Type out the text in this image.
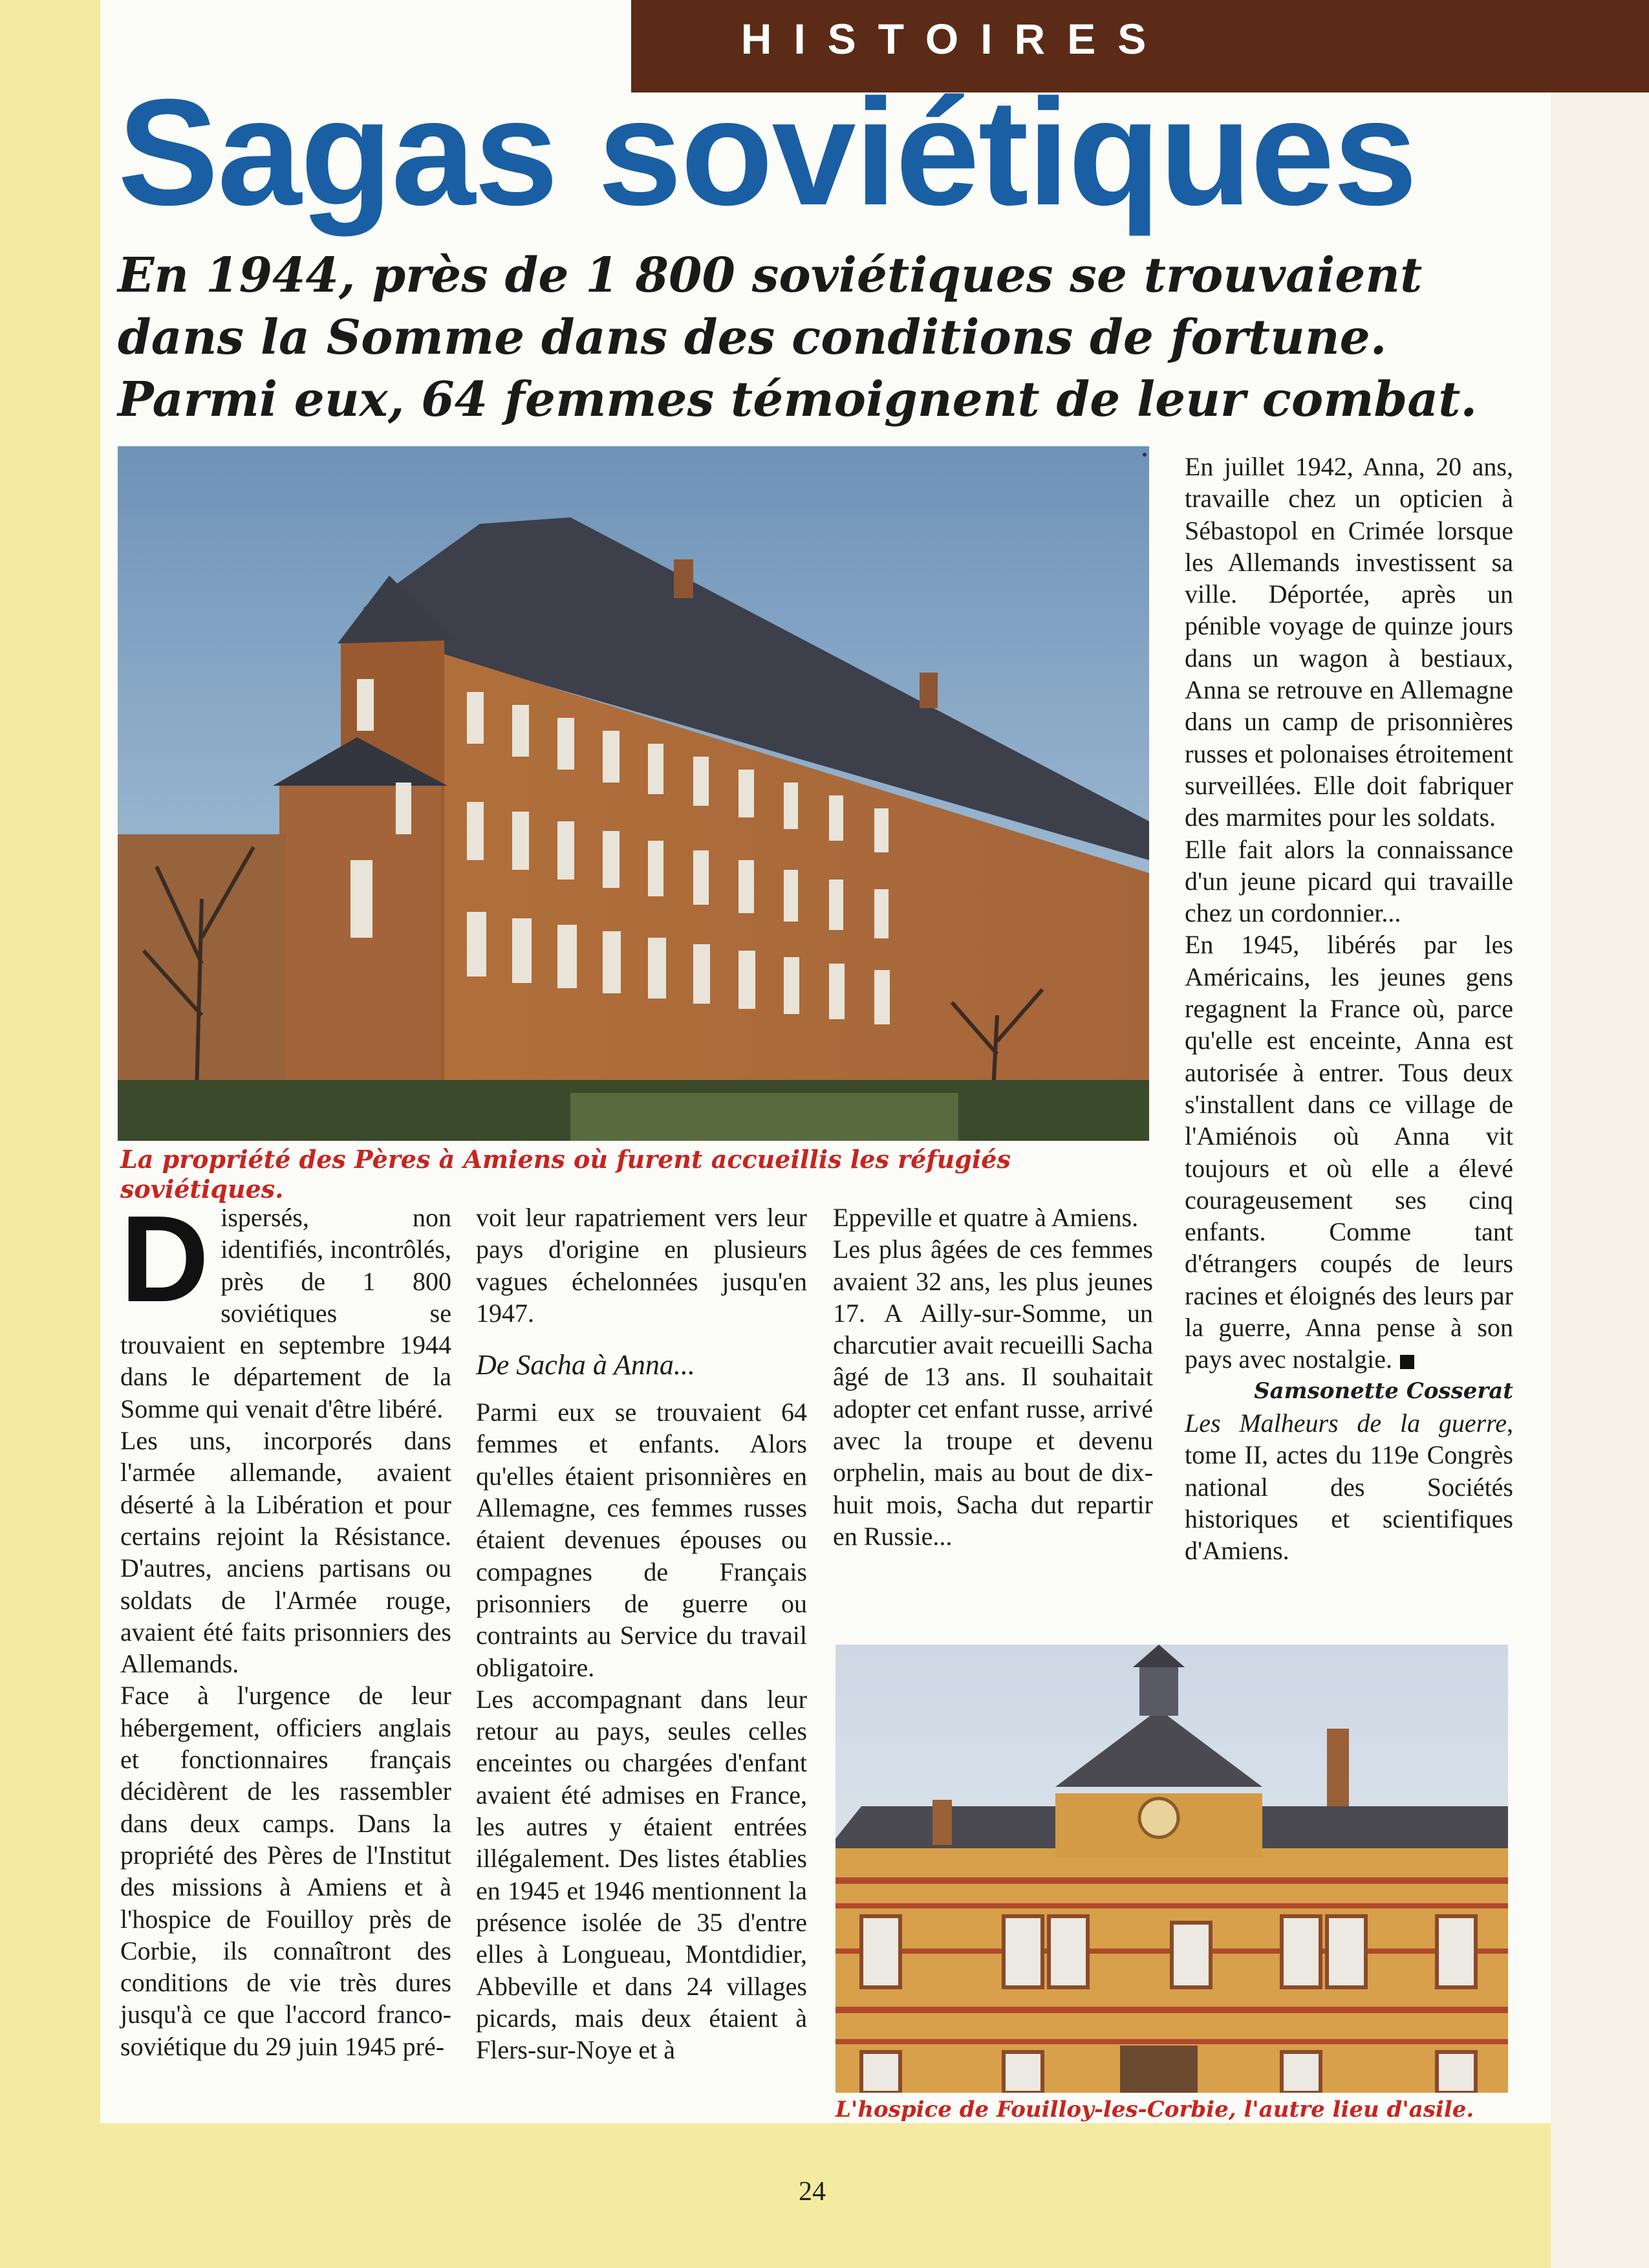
HISTOIRES
Sagas soviétiques

En 1944, près de 1 800 soviétiques se trouvaient dans la Somme dans des conditions de fortune. Parmi eux, 64 femmes témoignent de leur combat.

La propriété des Pères à Amiens où furent accueillis les réfugiés soviétiques.

Dispersés, non identifiés, incontrôlés, près de 1 800 soviétiques se trouvaient en septembre 1944 dans le département de la Somme qui venait d'être libéré.

Les uns, incorporés dans l'armée allemande, avaient déserté à la Libération et pour certains rejoint la Résistance. D'autres, anciens partisans ou soldats de l'Armée rouge, avaient été faits prisonniers des Allemands.

Face à l'urgence de leur hébergement, officiers anglais et fonctionnaires français décidèrent de les rassembler dans deux camps. Dans la propriété des Pères de l'Institut des missions à Amiens et à l'hospice de Fouilloy près de Corbie, ils connaîtront des conditions de vie très dures jusqu'à ce que l'accord franco-soviétique du 29 juin 1945 pré-

voit leur rapatriement vers leur pays d'origine en plusieurs vagues échelonnées jusqu'en 1947.

De Sacha à Anna...

Parmi eux se trouvaient 64 femmes et enfants. Alors qu'elles étaient prisonnières en Allemagne, ces femmes russes étaient devenues épouses ou compagnes de Français prisonniers de guerre ou contraints au Service du travail obligatoire.

Les accompagnant dans leur retour au pays, seules celles enceintes ou chargées d'enfant avaient été admises en France, les autres y étaient entrées illégalement. Des listes établies en 1945 et 1946 mentionnent la présence isolée de 35 d'entre elles à Longueau, Montdidier, Abbeville et dans 24 villages picards, mais deux étaient à Flers-sur-Noye et à

Eppeville et quatre à Amiens.

Les plus âgées de ces femmes avaient 32 ans, les plus jeunes 17. A Ailly-sur-Somme, un charcutier avait recueilli Sacha âgé de 13 ans. Il souhaitait adopter cet enfant russe, arrivé avec la troupe et devenu orphelin, mais au bout de dix-huit mois, Sacha dut repartir en Russie...

En juillet 1942, Anna, 20 ans, travaille chez un opticien à Sébastopol en Crimée lorsque les Allemands investissent sa ville. Déportée, après un pénible voyage de quinze jours dans un wagon à bestiaux, Anna se retrouve en Allemagne dans un camp de prisonnières russes et polonaises étroitement surveillées. Elle doit fabriquer des marmites pour les soldats.

Elle fait alors la connaissance d'un jeune picard qui travaille chez un cordonnier...

En 1945, libérés par les Américains, les jeunes gens regagnent la France où, parce qu'elle est enceinte, Anna est autorisée à entrer. Tous deux s'installent dans ce village de l'Amiénois où Anna vit toujours et où elle a élevé courageusement ses cinq enfants. Comme tant d'étrangers coupés de leurs racines et éloignés des leurs par la guerre, Anna pense à son pays avec nostalgie.

Samsonette Cosserat

Les Malheurs de la guerre, tome II, actes du 119e Congrès national des Sociétés historiques et scientifiques d'Amiens.

L'hospice de Fouilloy-les-Corbie, l'autre lieu d'asile.

24
